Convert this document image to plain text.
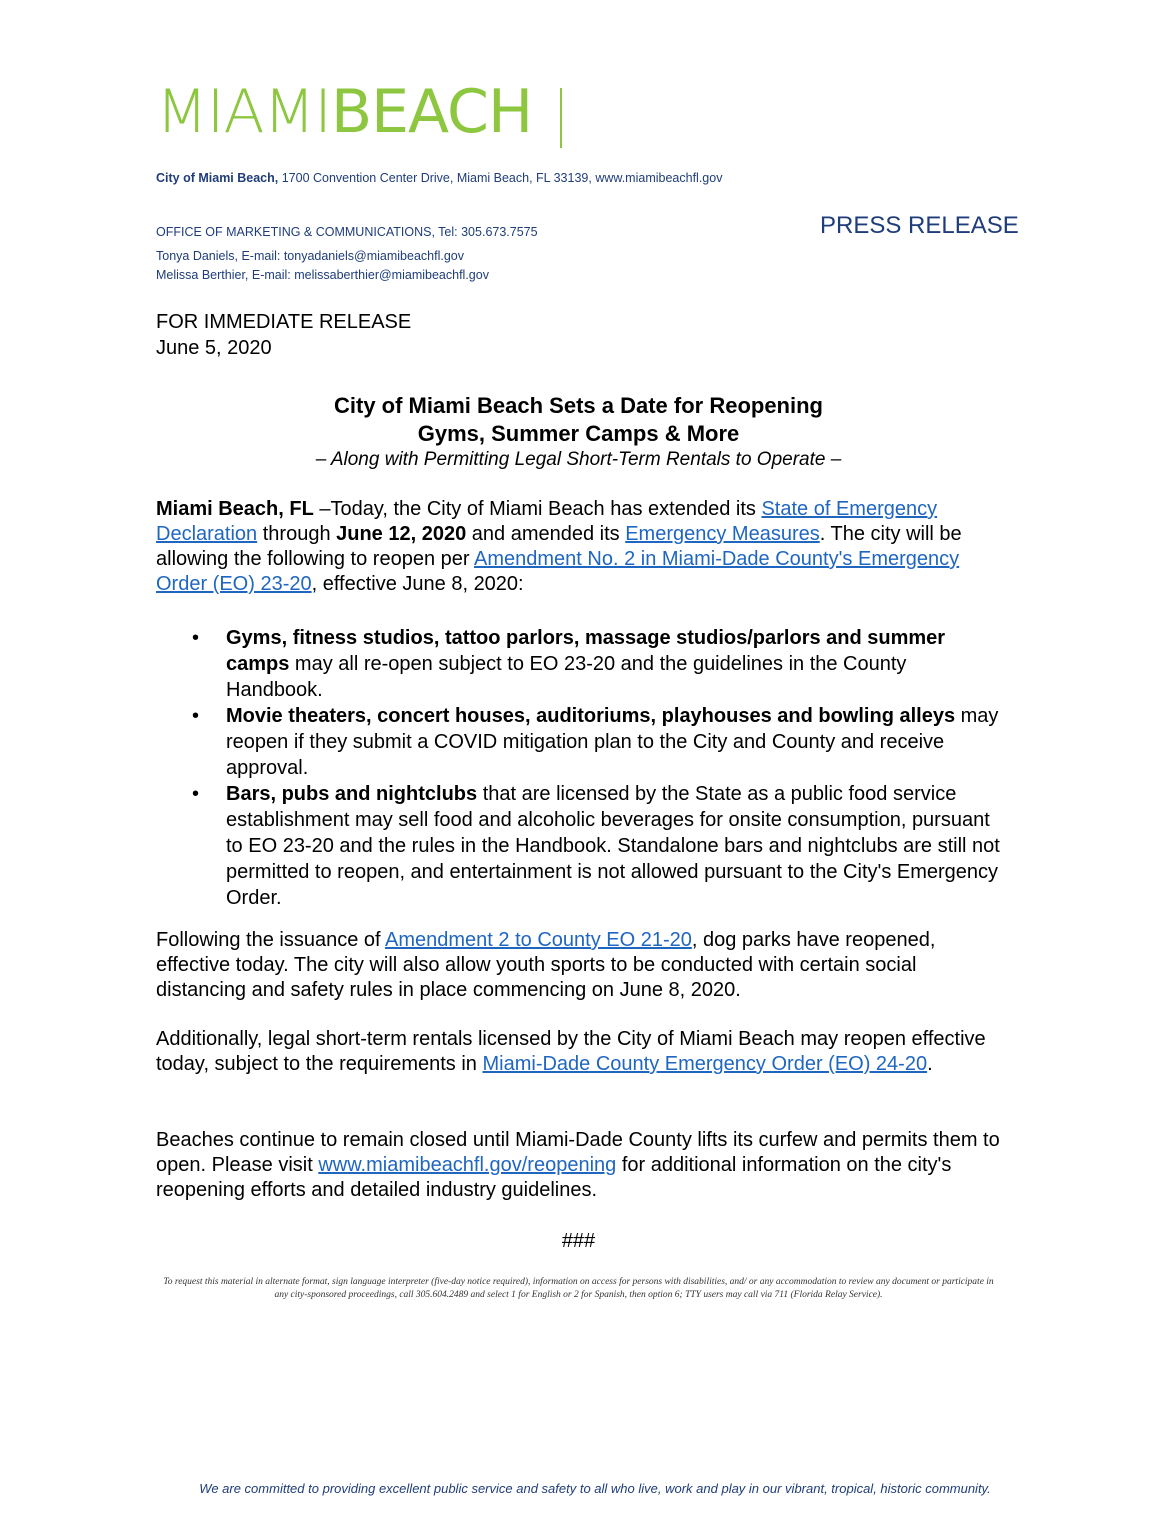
MIAMIBEACH
City of Miami Beach, 1700 Convention Center Drive, Miami Beach, FL 33139, www.miamibeachfl.gov
OFFICE OF MARKETING & COMMUNICATIONS, Tel: 305.673.7575
Tonya Daniels, E-mail: tonyadaniels@miamibeachfl.gov
Melissa Berthier, E-mail: melissaberthier@miamibeachfl.gov
PRESS RELEASE
FOR IMMEDIATE RELEASE
June 5, 2020
City of Miami Beach Sets a Date for Reopening
Gyms, Summer Camps & More
– Along with Permitting Legal Short-Term Rentals to Operate –
Miami Beach, FL –Today, the City of Miami Beach has extended its State of Emergency Declaration through June 12, 2020 and amended its Emergency Measures. The city will be allowing the following to reopen per Amendment No. 2 in Miami-Dade County's Emergency Order (EO) 23-20, effective June 8, 2020:
• Gyms, fitness studios, tattoo parlors, massage studios/parlors and summer camps may all re-open subject to EO 23-20 and the guidelines in the County Handbook.
• Movie theaters, concert houses, auditoriums, playhouses and bowling alleys may reopen if they submit a COVID mitigation plan to the City and County and receive approval.
• Bars, pubs and nightclubs that are licensed by the State as a public food service establishment may sell food and alcoholic beverages for onsite consumption, pursuant to EO 23-20 and the rules in the Handbook. Standalone bars and nightclubs are still not permitted to reopen, and entertainment is not allowed pursuant to the City's Emergency Order.
Following the issuance of Amendment 2 to County EO 21-20, dog parks have reopened, effective today. The city will also allow youth sports to be conducted with certain social distancing and safety rules in place commencing on June 8, 2020.
Additionally, legal short-term rentals licensed by the City of Miami Beach may reopen effective today, subject to the requirements in Miami-Dade County Emergency Order (EO) 24-20.
Beaches continue to remain closed until Miami-Dade County lifts its curfew and permits them to open. Please visit www.miamibeachfl.gov/reopening for additional information on the city's reopening efforts and detailed industry guidelines.
###
To request this material in alternate format, sign language interpreter (five-day notice required), information on access for persons with disabilities, and/ or any accommodation to review any document or participate in any city-sponsored proceedings, call 305.604.2489 and select 1 for English or 2 for Spanish, then option 6; TTY users may call via 711 (Florida Relay Service).
We are committed to providing excellent public service and safety to all who live, work and play in our vibrant, tropical, historic community.
